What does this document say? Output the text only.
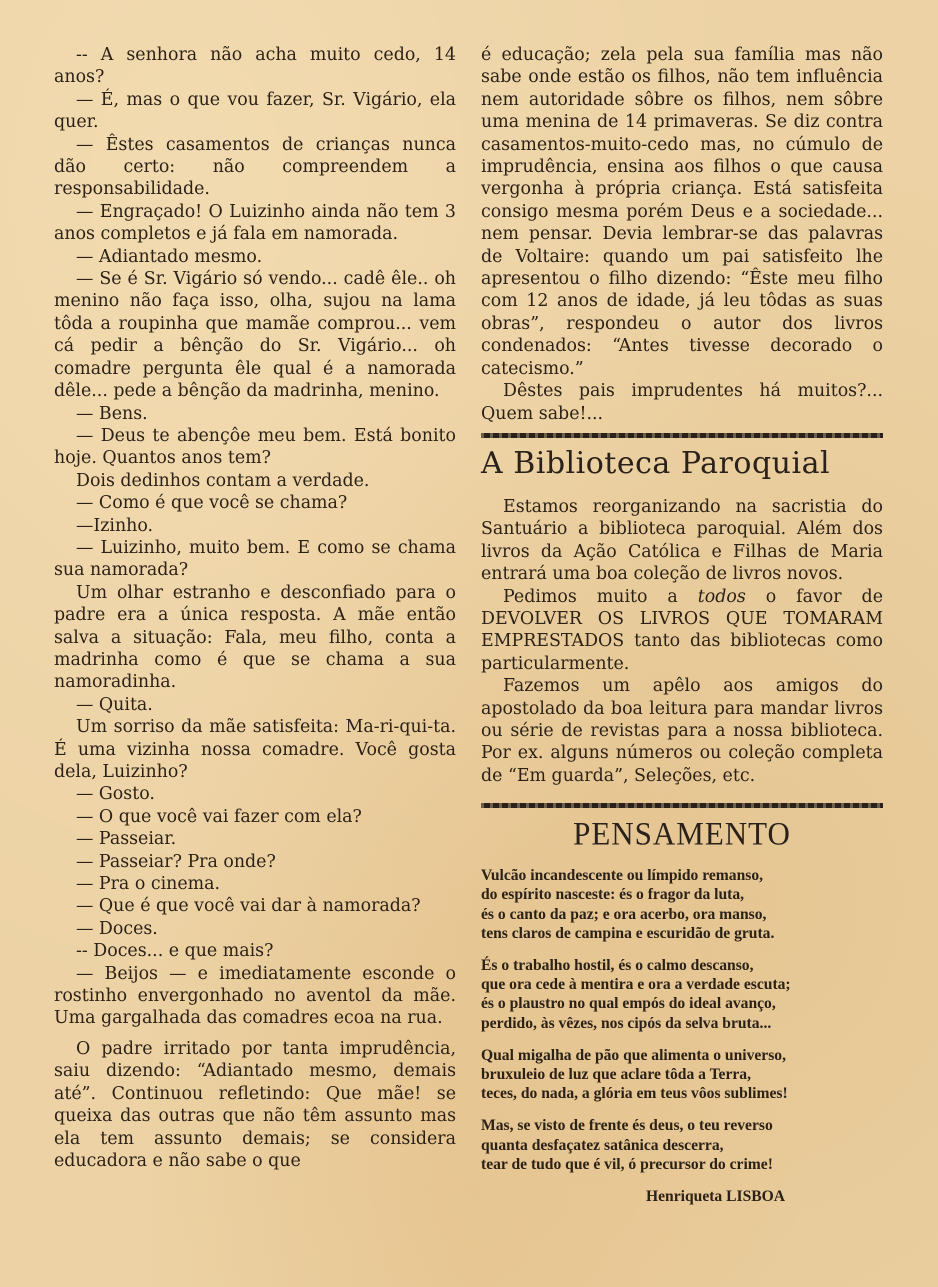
-- A senhora não acha muito cedo, 14 anos?

— É, mas o que vou fazer, Sr. Vigário, ela quer.

— Êstes casamentos de crianças nunca dão certo: não compreendem a responsabilidade.

— Engraçado! O Luizinho ainda não tem 3 anos completos e já fala em namorada.

— Adiantado mesmo.

— Se é Sr. Vigário só vendo... cadê êle.. oh menino não faça isso, olha, sujou na lama tôda a roupinha que mamãe comprou... vem cá pedir a bênção do Sr. Vigário... oh comadre pergunta êle qual é a namorada dêle... pede a bênção da madrinha, menino.

— Bens.

— Deus te abençôe meu bem. Está bonito hoje. Quantos anos tem?

Dois dedinhos contam a verdade.

— Como é que você se chama?

—Izinho.

— Luizinho, muito bem. E como se chama sua namorada?

Um olhar estranho e desconfiado para o padre era a única resposta. A mãe então salva a situação: Fala, meu filho, conta a madrinha como é que se chama a sua namoradinha.

— Quita.

Um sorriso da mãe satisfeita: Ma-ri-qui-ta. É uma vizinha nossa comadre. Você gosta dela, Luizinho?

— Gosto.

— O que você vai fazer com ela?

— Passeiar.

— Passeiar? Pra onde?

— Pra o cinema.

— Que é que você vai dar à namorada?

— Doces.

-- Doces... e que mais?

— Beijos — e imediatamente esconde o rostinho envergonhado no aventol da mãe. Uma gargalhada das comadres ecoa na rua.

O padre irritado por tanta imprudência, saiu dizendo: “Adiantado mesmo, demais até”. Continuou refletindo: Que mãe! se queixa das outras que não têm assunto mas ela tem assunto demais; se considera educadora e não sabe o que

é educação; zela pela sua família mas não sabe onde estão os filhos, não tem influência nem autoridade sôbre os filhos, nem sôbre uma menina de 14 primaveras. Se diz contra casamentos-muito-cedo mas, no cúmulo de imprudência, ensina aos filhos o que causa vergonha à própria criança. Está satisfeita consigo mesma porém Deus e a sociedade... nem pensar. Devia lembrar-se das palavras de Voltaire: quando um pai satisfeito lhe apresentou o filho dizendo: “Êste meu filho com 12 anos de idade, já leu tôdas as suas obras”, respondeu o autor dos livros condenados: “Antes tivesse decorado o catecismo.”

Dêstes pais imprudentes há muitos?... Quem sabe!...

A Biblioteca Paroquial

Estamos reorganizando na sacristia do Santuário a biblioteca paroquial. Além dos livros da Ação Católica e Filhas de Maria entrará uma boa coleção de livros novos.

Pedimos muito a todos o favor de DEVOLVER OS LIVROS QUE TOMARAM EMPRESTADOS tanto das bibliotecas como particularmente.

Fazemos um apêlo aos amigos do apostolado da boa leitura para mandar livros ou série de revistas para a nossa biblioteca. Por ex. alguns números ou coleção completa de “Em guarda”, Seleções, etc.

PENSAMENTO
Vulcão incandescente ou límpido remanso,
do espírito nasceste: és o fragor da luta,
és o canto da paz; e ora acerbo, ora manso,
tens claros de campina e escuridão de gruta.
És o trabalho hostil, és o calmo descanso,
que ora cede à mentira e ora a verdade escuta;
és o plaustro no qual empós do ideal avanço,
perdido, às vêzes, nos cipós da selva bruta...
Qual migalha de pão que alimenta o universo,
bruxuleio de luz que aclare tôda a Terra,
teces, do nada, a glória em teus vôos sublimes!
Mas, se visto de frente és deus, o teu reverso
quanta desfaçatez satânica descerra,
tear de tudo que é vil, ó precursor do crime!
Henriqueta LISBOA
